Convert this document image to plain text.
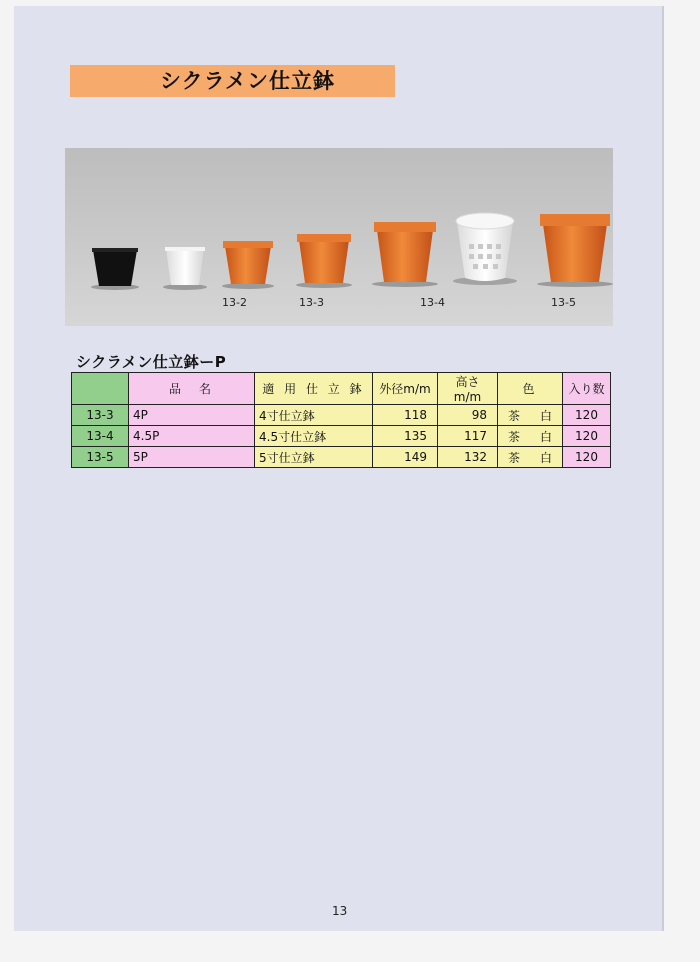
シクラメン仕立鉢
13-2	13-3	13-4	13-5
シクラメン仕立鉢ーP
	品　名	適 用 仕 立 鉢	外径m/m	高さm/m	色	入り数
13-3	4P	4寸仕立鉢	118	98	茶 白	120
13-4	4.5P	4.5寸仕立鉢	135	117	茶 白	120
13-5	5P	5寸仕立鉢	149	132	茶 白	120
13
